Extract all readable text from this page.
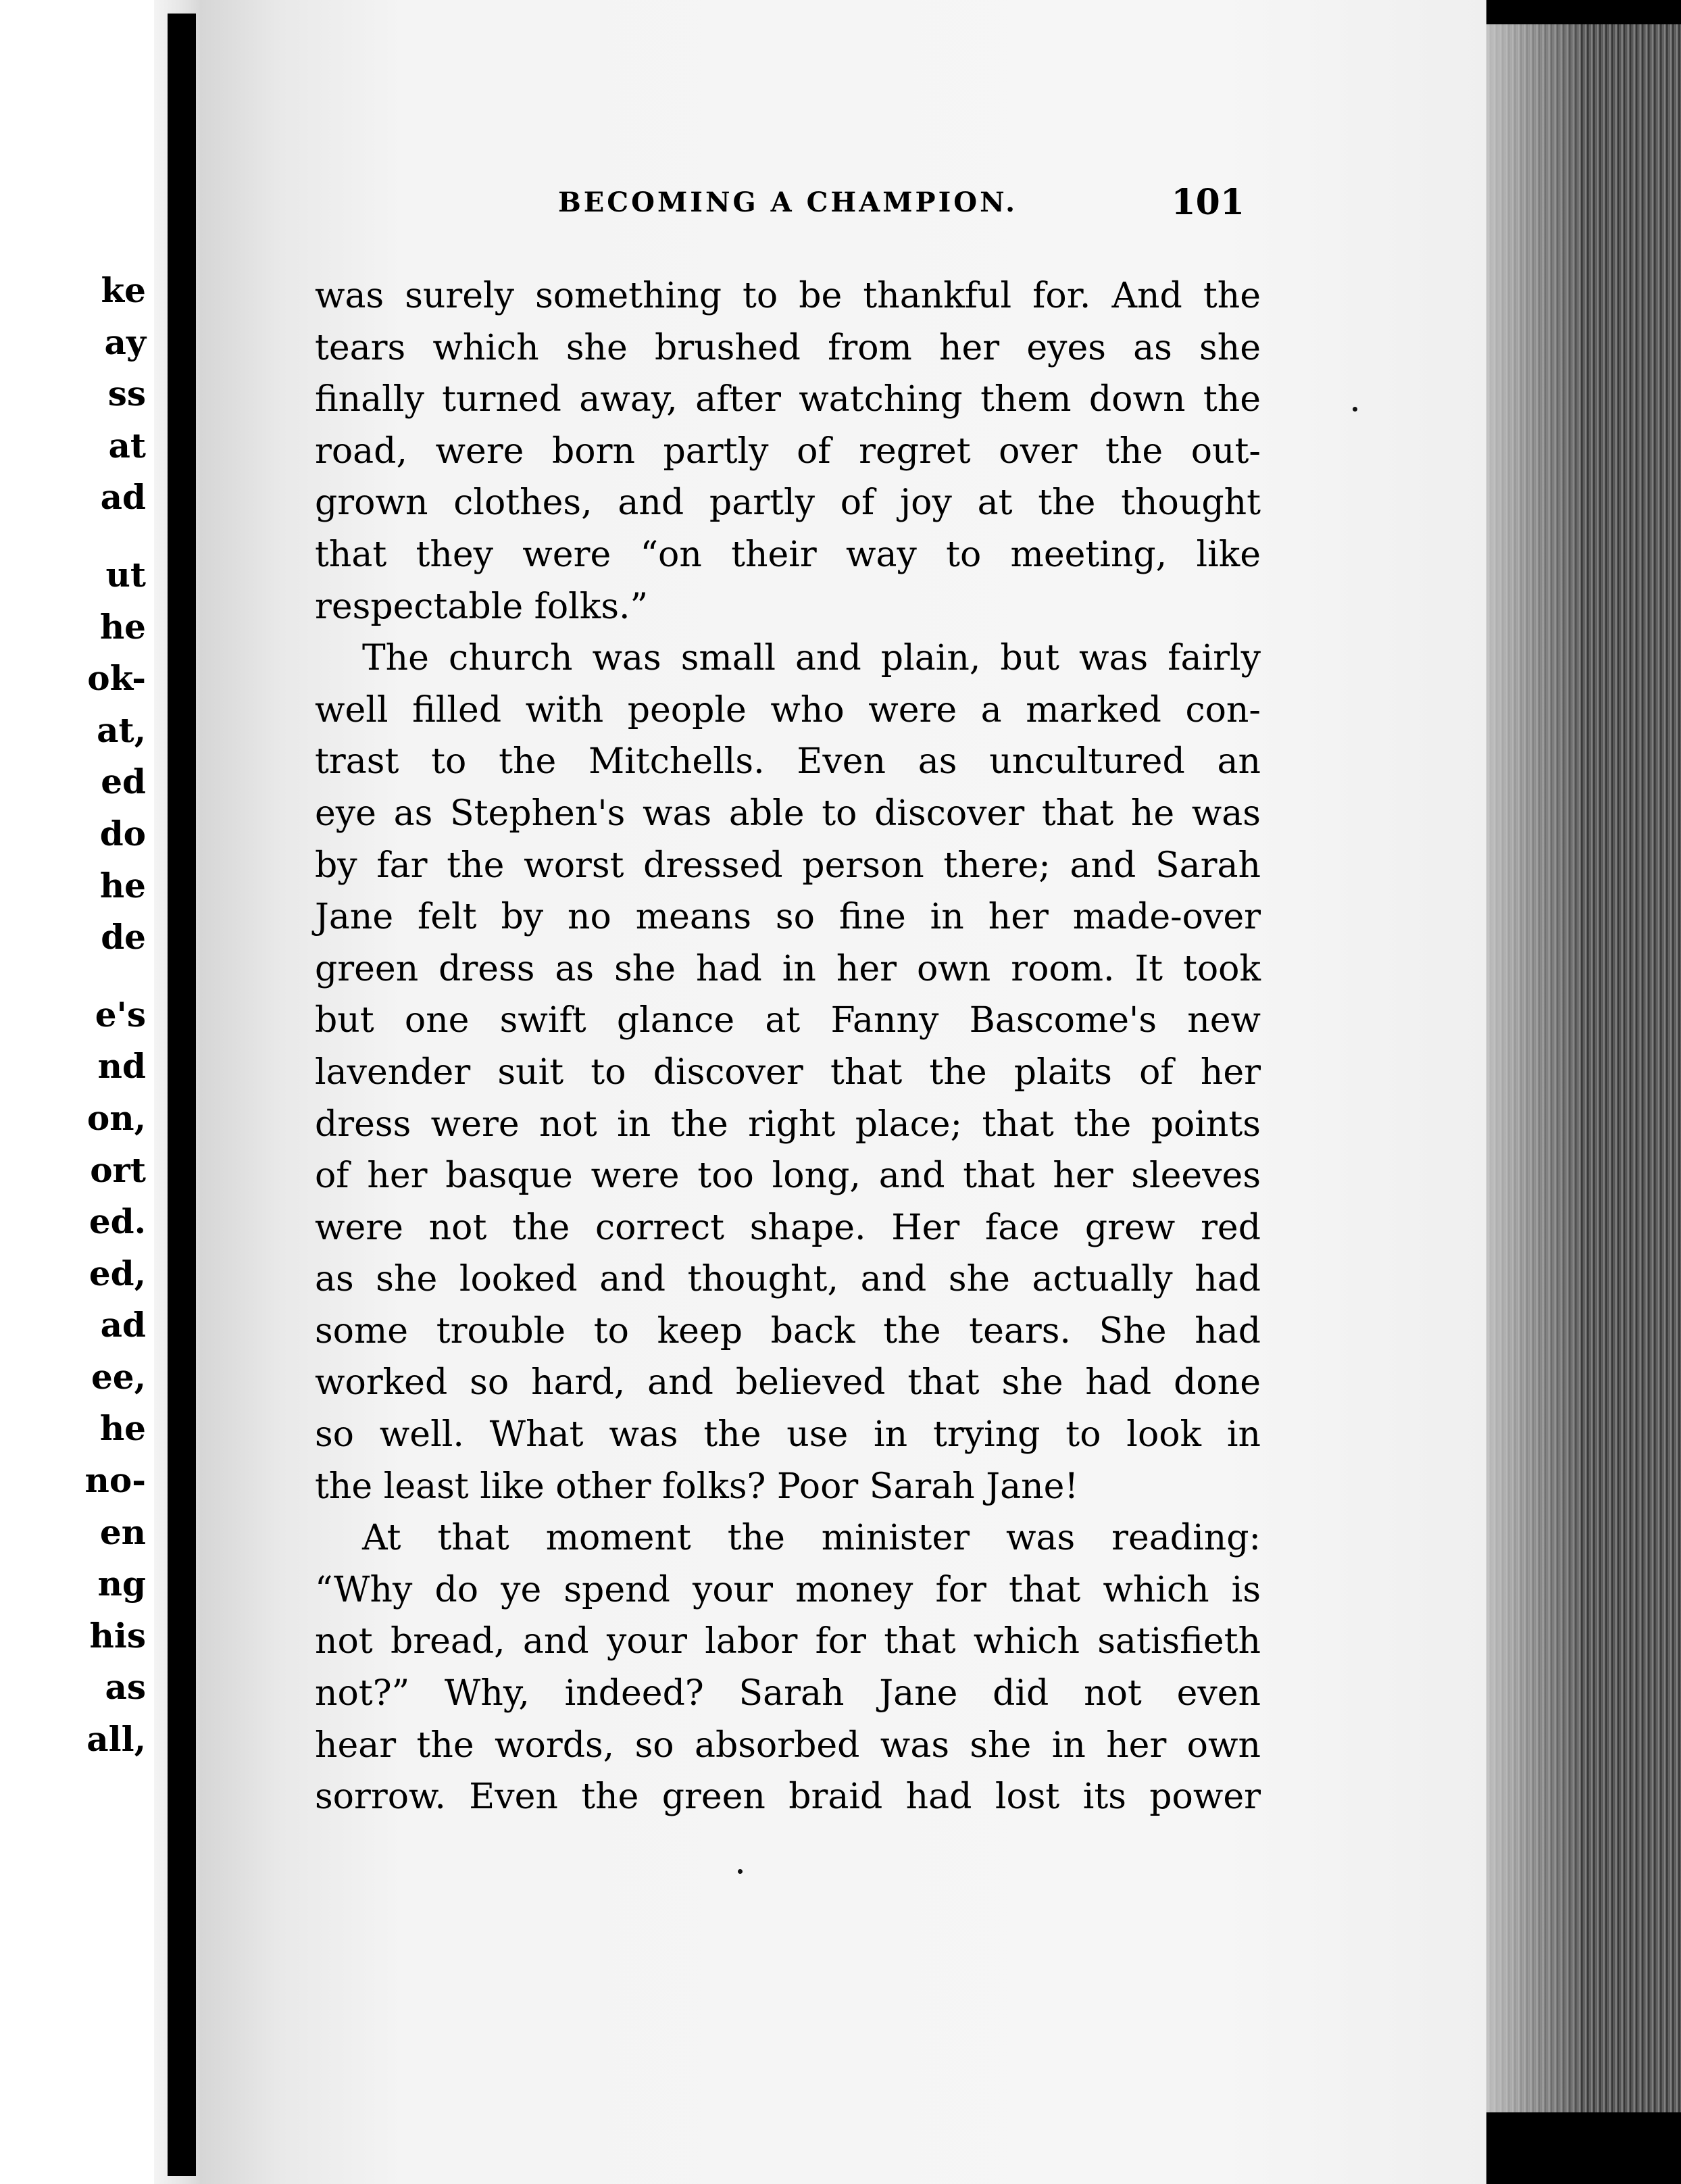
ke
ay
ss
at
ad
ut
he
ok-
at,
ed
do
he
de
e's
nd
on,
ort
ed.
ed,
ad
ee,
he
no-
en
ng
his
as
all,
BECOMING A CHAMPION.	101
was surely something to be thankful for. And the
tears which she brushed from her eyes as she
finally turned away, after watching them down the
road, were born partly of regret over the out-
grown clothes, and partly of joy at the thought
that they were “on their way to meeting, like
respectable folks.”
The church was small and plain, but was fairly
well filled with people who were a marked con-
trast to the Mitchells. Even as uncultured an
eye as Stephen's was able to discover that he was
by far the worst dressed person there; and Sarah
Jane felt by no means so fine in her made-over
green dress as she had in her own room. It took
but one swift glance at Fanny Bascome's new
lavender suit to discover that the plaits of her
dress were not in the right place; that the points
of her basque were too long, and that her sleeves
were not the correct shape. Her face grew red
as she looked and thought, and she actually had
some trouble to keep back the tears. She had
worked so hard, and believed that she had done
so well. What was the use in trying to look in
the least like other folks? Poor Sarah Jane!
At that moment the minister was reading:
“Why do ye spend your money for that which is
not bread, and your labor for that which satisfieth
not?” Why, indeed? Sarah Jane did not even
hear the words, so absorbed was she in her own
sorrow. Even the green braid had lost its power
